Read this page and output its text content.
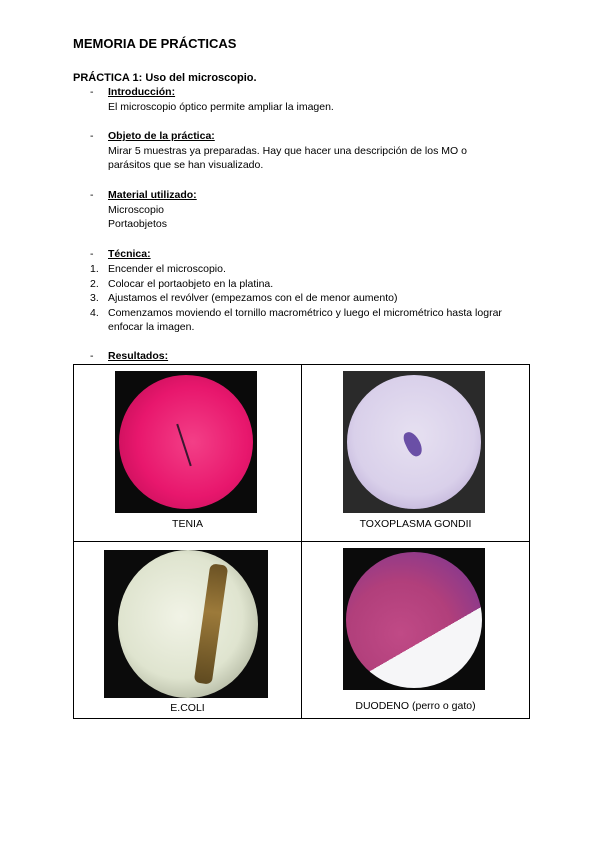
MEMORIA DE PRÁCTICAS
PRÁCTICA 1: Uso del microscopio.
- Introducción:
El microscopio óptico permite ampliar la imagen.
- Objeto de la práctica:
Mirar 5 muestras ya preparadas. Hay que hacer una descripción de los MO o parásitos que se han visualizado.
- Material utilizado:
Microscopio
Portaobjetos
- Técnica:
1. Encender el microscopio.
2. Colocar el portaobjeto en la platina.
3. Ajustamos el revólver (empezamos con el de menor aumento)
4. Comenzamos moviendo el tornillo macrométrico y luego el micrométrico hasta lograr enfocar la imagen.
- Resultados:
TENIA	TOXOPLASMA GONDII

E.COLI	DUODENO (perro o gato)
